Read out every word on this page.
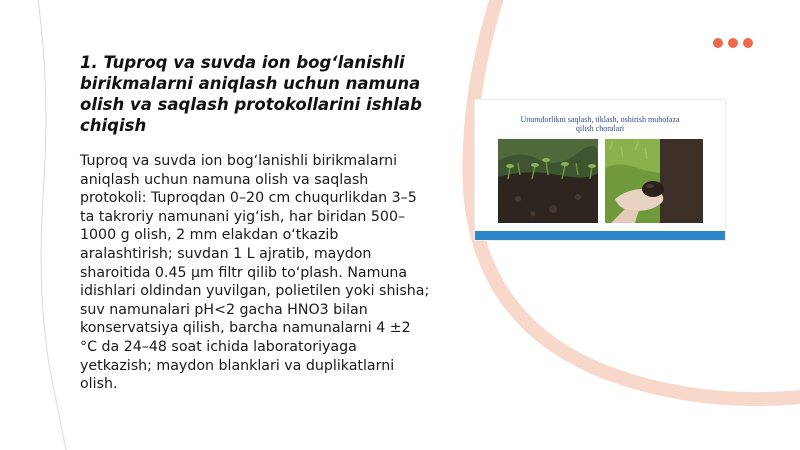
1. Tuproq va suvda ion bog‘lanishli birikmalarni aniqlash uchun namuna olish va saqlash protokollarini ishlab chiqish

Tuproq va suvda ion bog‘lanishli birikmalarni aniqlash uchun namuna olish va saqlash protokoli: Tuproqdan 0–20 cm chuqurlikdan 3–5 ta takroriy namunani yig‘ish, har biridan 500–1000 g olish, 2 mm elakdan o‘tkazib aralashtirish; suvdan 1 L ajratib, maydon sharoitida 0.45 µm filtr qilib to‘plash. Namuna idishlari oldindan yuvilgan, polietilen yoki shisha; suv namunalari pH<2 gacha HNO3 bilan konservatsiya qilish, barcha namunalarni 4 ±2 °C da 24–48 soat ichida laboratoriyaga yetkazish; maydon blanklari va duplikatlarni olish.

Unumdorlikni saqlash, tiklash, oshirish muhofaza
qilish choralari
